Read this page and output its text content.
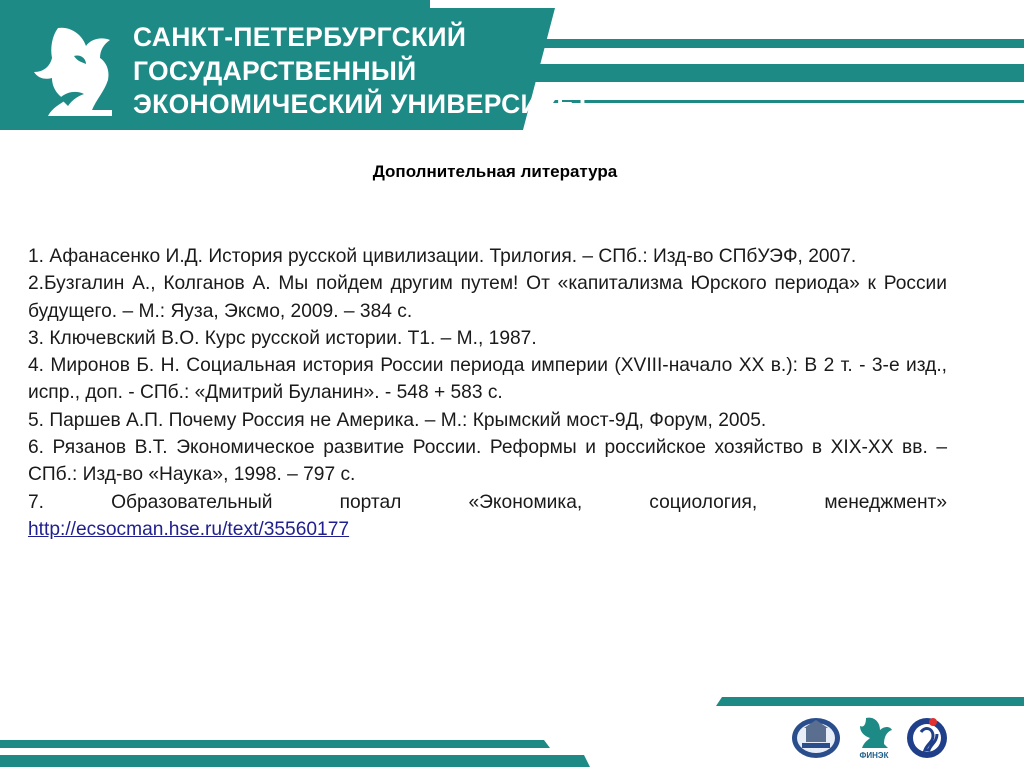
САНКТ-ПЕТЕРБУРГСКИЙ
ГОСУДАРСТВЕННЫЙ
ЭКОНОМИЧЕСКИЙ УНИВЕРСИТЕТ
Дополнительная литература

1. Афанасенко И.Д. История русской цивилизации. Трилогия. – СПб.: Изд-во СПбУЭФ, 2007.

2.Бузгалин А., Колганов А. Мы пойдем другим путем! От «капитализма Юрского периода» к России будущего. – М.: Яуза, Эксмо, 2009. – 384 с.

3. Ключевский В.О. Курс русской истории. Т1. – М., 1987.

4. Миронов Б. Н. Социальная история России периода империи (XVIII-начало XX в.): В 2 т. - 3-е изд., испр., доп. - СПб.: «Дмитрий Буланин». - 548 + 583 с.

5. Паршев А.П. Почему Россия не Америка. – М.: Крымский мост-9Д, Форум, 2005.

6. Рязанов В.Т. Экономическое развитие России. Реформы и российское хозяйство в XIX-XX вв. – СПб.: Изд-во «Наука», 1998. – 797 с.

7. Образовательный портал «Экономика, социология, менеджмент»

http://ecsocman.hse.ru/text/35560177

ФИНЭК
